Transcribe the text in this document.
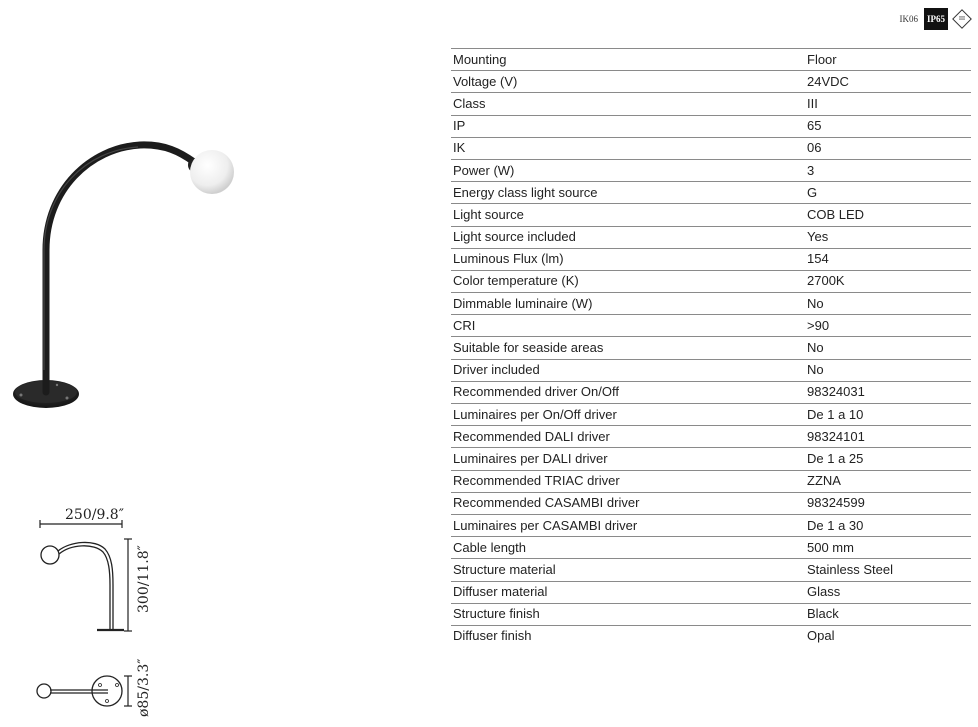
IK06	IP65	III
250/9.8″
300/11.8″
ø85/3.3″
Mounting	Floor
Voltage (V)	24VDC
Class	III
IP	65
IK	06
Power (W)	3
Energy class light source	G
Light source	COB LED
Light source included	Yes
Luminous Flux (lm)	154
Color temperature (K)	2700K
Dimmable luminaire (W)	No
CRI	>90
Suitable for seaside areas	No
Driver included	No
Recommended driver On/Off	98324031
Luminaires per On/Off driver	De 1 a 10
Recommended DALI driver	98324101
Luminaires per DALI driver	De 1 a 25
Recommended TRIAC driver	ZZNA
Recommended CASAMBI driver	98324599
Luminaires per CASAMBI driver	De 1 a 30
Cable length	500 mm
Structure material	Stainless Steel
Diffuser material	Glass
Structure finish	Black
Diffuser finish	Opal
